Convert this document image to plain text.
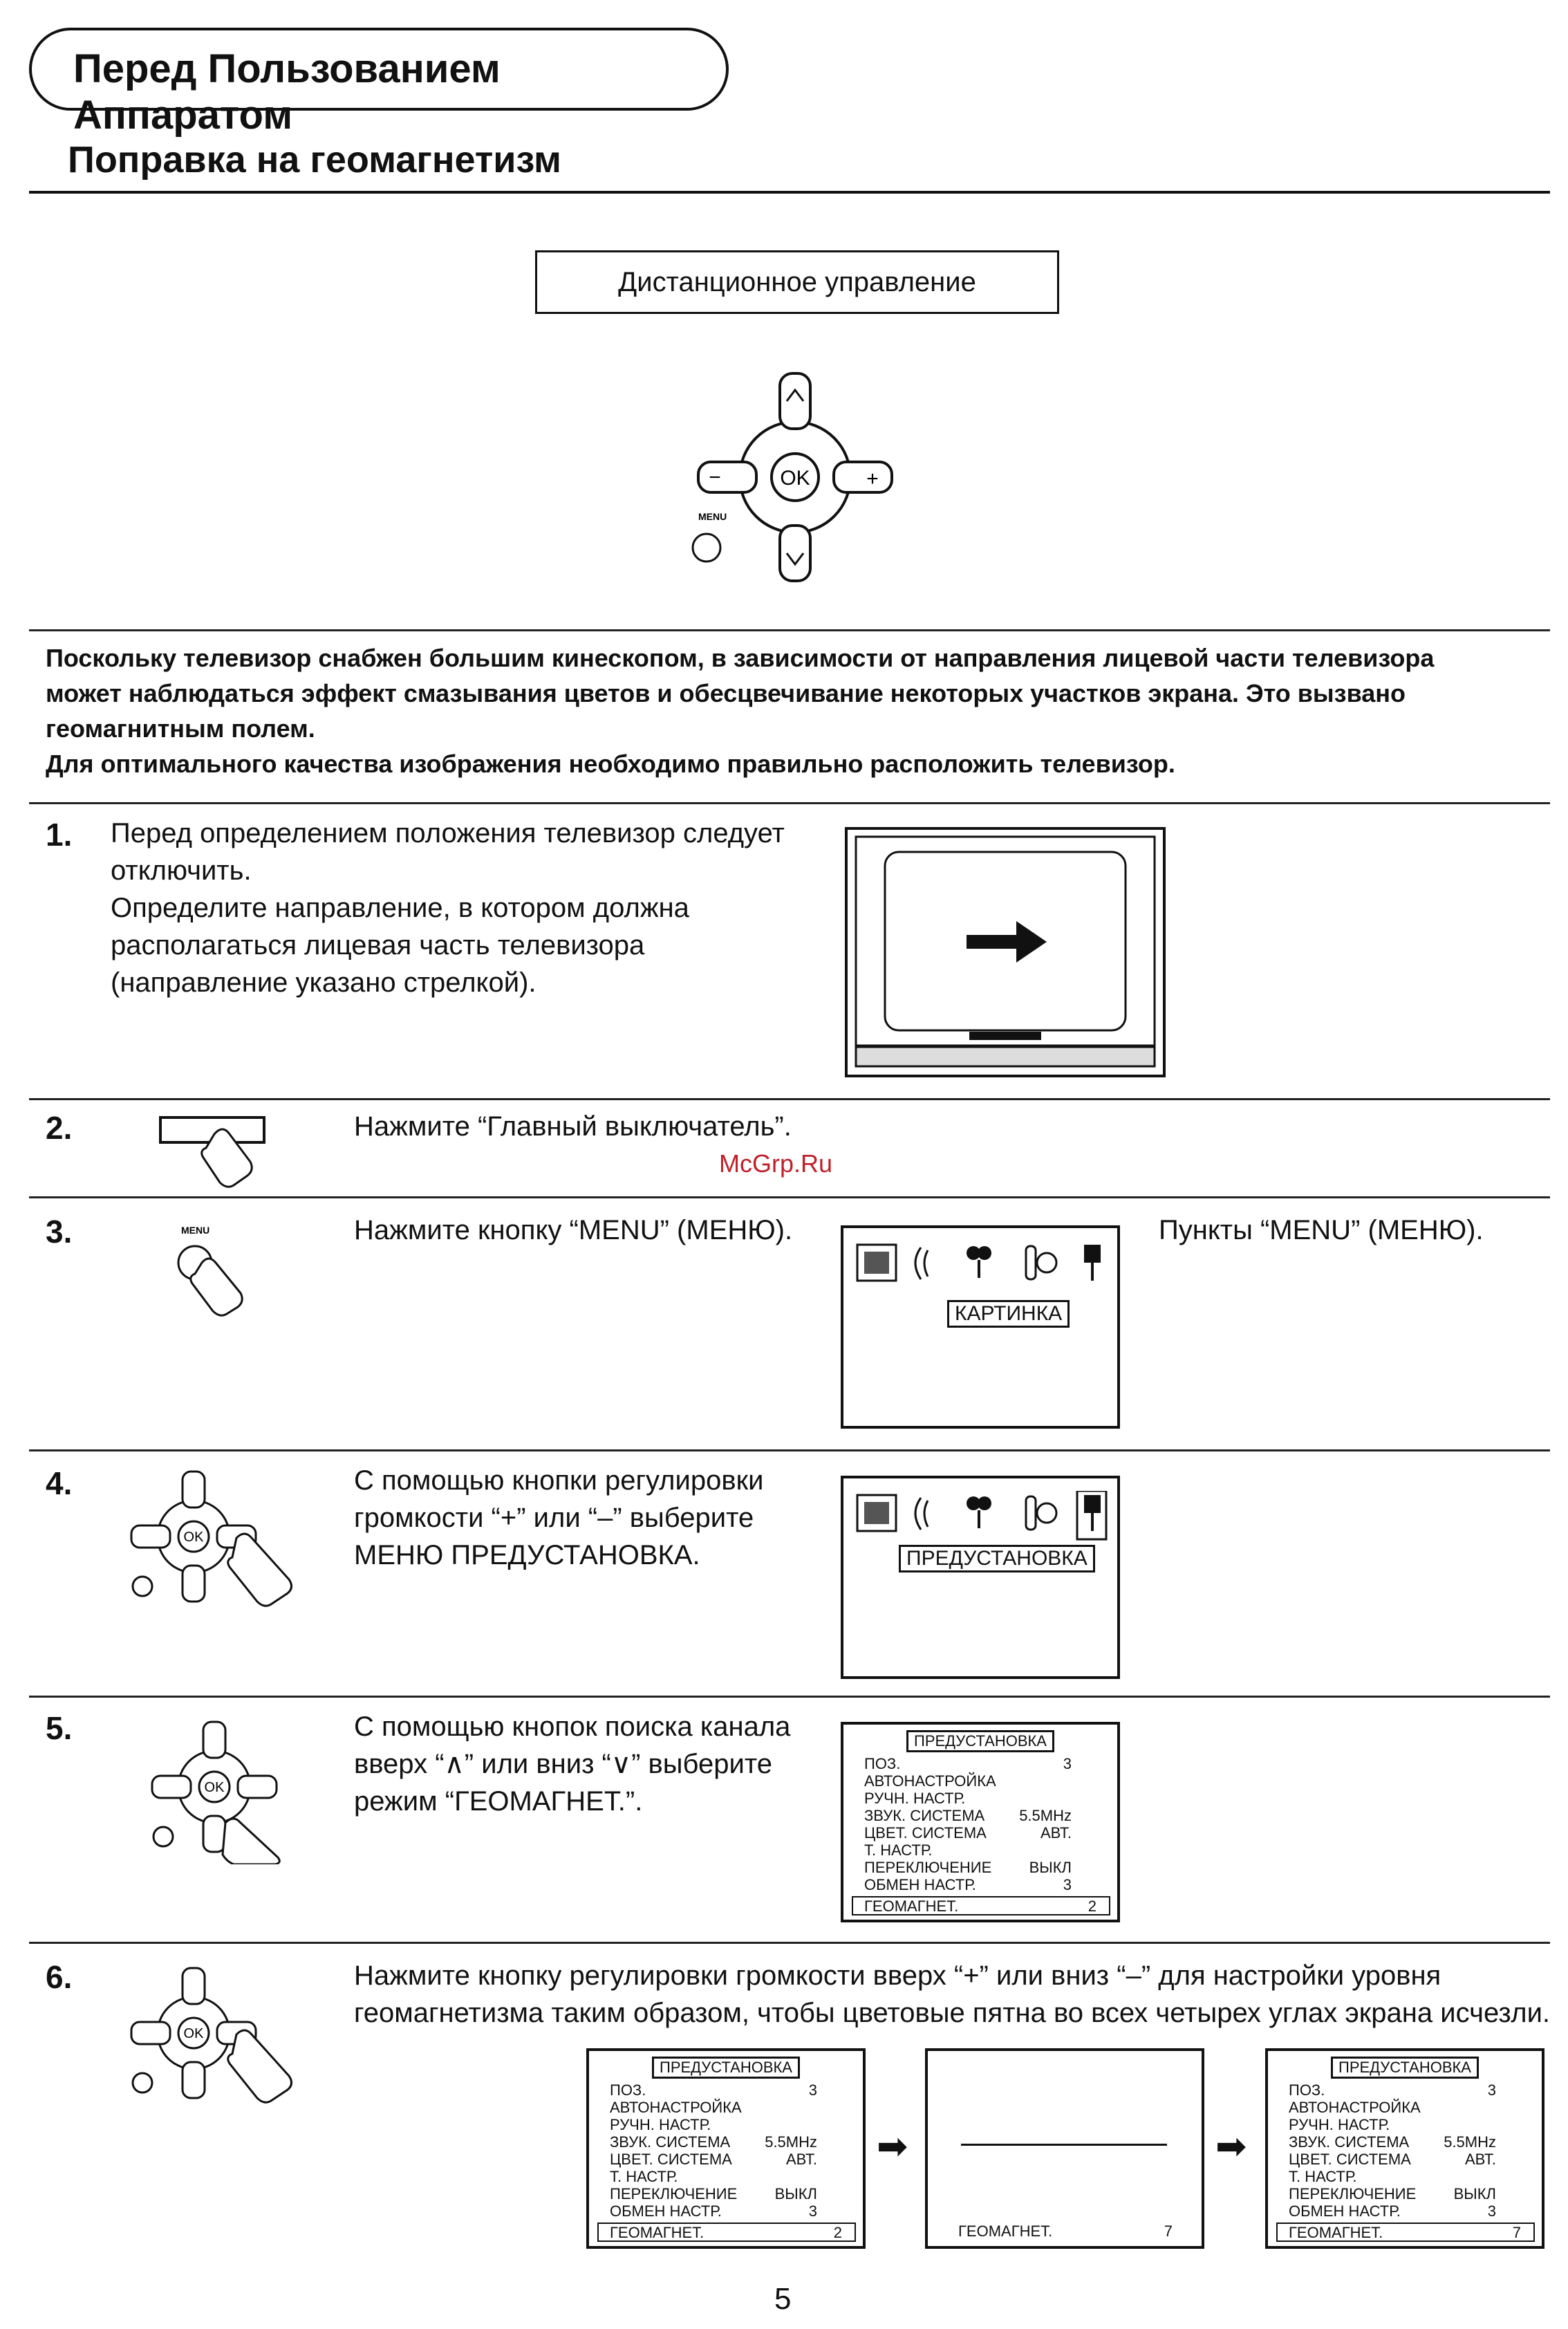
Перед Пользованием Аппаратом
Поправка на геомагнетизм
Дистанционное управление
OK	+
−
MENU
Поскольку телевизор снабжен большим кинескопом, в зависимости от направления лицевой части телевизора
может наблюдаться эффект смазывания цветов и обесцвечивание некоторых участков экрана. Это вызвано
геомагнитным полем.
Для оптимального качества изображения необходимо правильно расположить телевизор.
1. Перед определением положения телевизор следует
отключить.
Определите направление, в котором должна
располагаться лицевая часть телевизора
(направление указано стрелкой).
2.	Нажмите “Главный выключатель”.
McGrp.Ru
3.	MENU	Нажмите кнопку “MENU” (МЕНЮ).
КАРТИНКА
Пункты “MENU” (МЕНЮ).
4.
OK
С помощью кнопки регулировки
громкости “+” или “–” выберите
МЕНЮ ПРЕДУСТАНОВКА.	ПРЕДУСТАНОВКА
5.
OK
С помощью кнопок поиска канала
вверх “∧” или вниз “∨” выберите
режим “ГЕОМАГНЕТ.”.
ПРЕДУСТАНОВКА
ПОЗ.	3
АВТОНАСТРОЙКА
РУЧН. НАСТР.
ЗВУК. СИСТЕМА 5.5MHz
ЦВЕТ. СИСТЕМА	АВТ.
Т. НАСТР.
ПЕРЕКЛЮЧЕНИЕ ВЫКЛ
ОБМЕН НАСТР.	3
ГЕОМАГНЕТ.	2
6.
OK
Нажмите кнопку регулировки громкости вверх “+” или вниз “–” для настройки уровня
геомагнетизма таким образом, чтобы цветовые пятна во всех четырех углах экрана исчезли.
ПРЕДУСТАНОВКА
ПОЗ.	3
АВТОНАСТРОЙКА
РУЧН. НАСТР.
ЗВУК. СИСТЕМА 5.5MHz
ЦВЕТ. СИСТЕМА	АВТ.
Т. НАСТР.
ПЕРЕКЛЮЧЕНИЕ ВЫКЛ
ОБМЕН НАСТР.	3
ГЕОМАГНЕТ.	2
➡
ГЕОМАГНЕТ.	7
➡
ПРЕДУСТАНОВКА
ПОЗ.	3
АВТОНАСТРОЙКА
РУЧН. НАСТР.
ЗВУК. СИСТЕМА 5.5MHz
ЦВЕТ. СИСТЕМА	АВТ.
Т. НАСТР.
ПЕРЕКЛЮЧЕНИЕ ВЫКЛ
ОБМЕН НАСТР.	3
ГЕОМАГНЕТ.	7
5
